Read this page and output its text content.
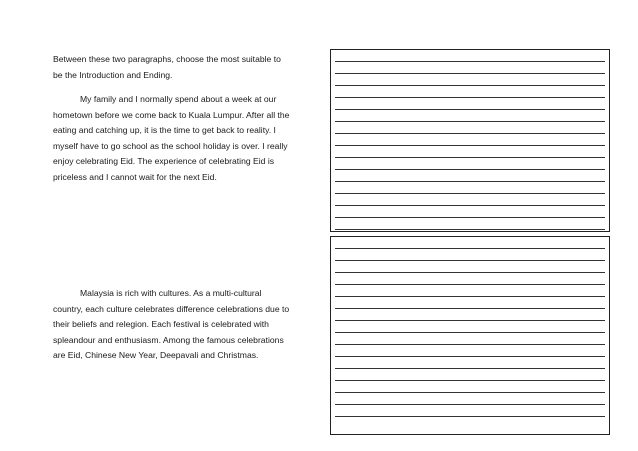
Between these two paragraphs, choose the most suitable to
be the Introduction and Ending.
My family and I normally spend about a week at our
hometown before we come back to Kuala Lumpur. After all the
eating and catching up, it is the time to get back to reality. I
myself have to go school as the school holiday is over. I really
enjoy celebrating Eid. The experience of celebrating Eid is
priceless and I cannot wait for the next Eid.
Malaysia is rich with cultures. As a multi-cultural
country, each culture celebrates difference celebrations due to
their beliefs and relegion. Each festival is celebrated with
spleandour and enthusiasm. Among the famous celebrations
are Eid, Chinese New Year, Deepavali and Christmas.
